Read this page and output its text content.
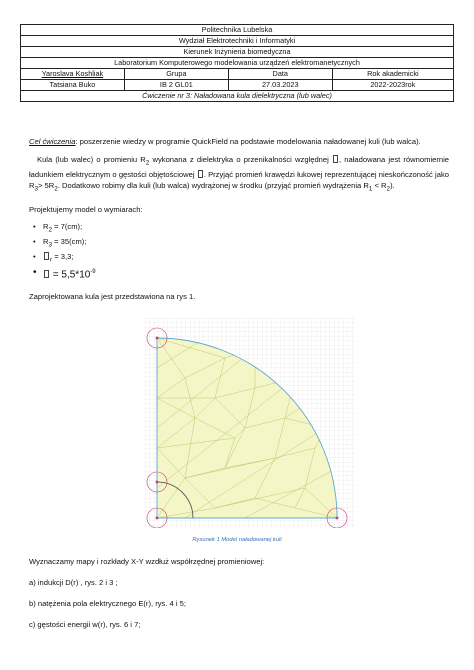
Politechnika Lubelska			
Wydział Elektrotechniki i Informatyki			
Kierunek Inżynieria biomedyczna			
Laboratorium Komputerowego modelowania urządzeń elektromanetycznych			
Yaroslava Koshliak	Grupa	Data	Rok akademicki
Tatsiana Buko	IB 2 GL01	27.03.2023	2022-2023rok
Ćwiczenie nr 3: Naładowana kula dielektryczna (lub walec)			

Cel ćwiczenia: poszerzenie wiedzy w programie QuickField na podstawie modelowania naładowanej kuli (lub walca).

Kula (lub walec) o promieniu $R_2$ wykonana z dielektryka o przenikalności względnej , naładowana jest równomiernie ładunkiem elektrycznym o gęstości objętościowej . Przyjąć promień krawędzi łukowej reprezentującej nieskończoność jako $R_3> 5R_2$. Dodatkowo robimy dla kuli (lub walca) wydrążonej w środku (przyjąć promień wydrążenia $R_1 < R_2$).

Projektujemy model o wymiarach:

• $R_2 = 7(cm)$;
• $R_3 = 35(cm)$;
• $_r$ = 3,3;
• = $5,5*10^{-9}$

Zaprojektowana kula jest przedstawiona na rys 1.

Rysunek 1 Model naładowanej kuli

Wyznaczamy mapy i rozkłady X-Y wzdłuż współrzędnej promieniowej:

a) indukcji D(r) , rys. 2 i 3 ;

b) natężenia pola elektrycznego E(r), rys. 4 i 5;

c) gęstości energii w(r), rys. 6 i 7;
